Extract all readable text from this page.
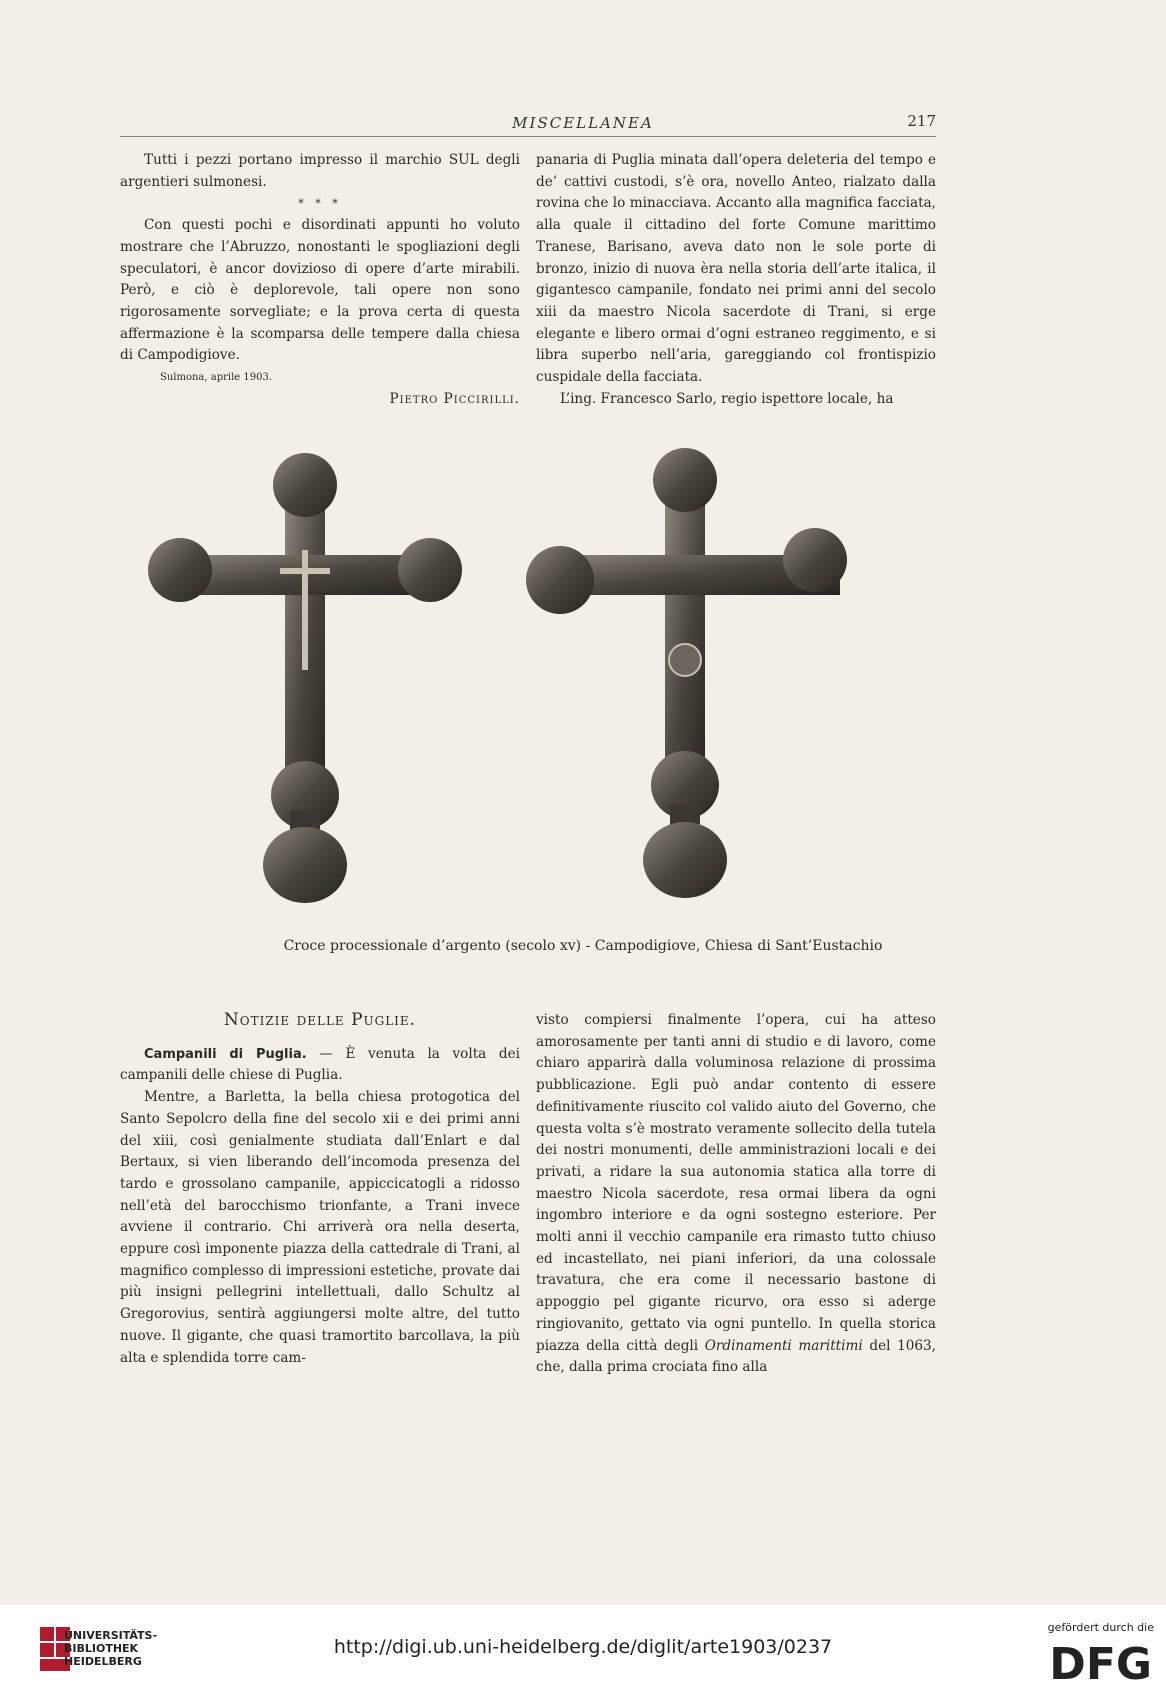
MISCELLANEA	217

Tutti i pezzi portano impresso il marchio SUL degli argentieri sulmonesi.

* * *

Con questi pochi e disordinati appunti ho voluto mostrare che l’Abruzzo, nonostanti le spogliazioni degli speculatori, è ancor dovizioso di opere d’arte mirabili. Però, e ciò è deplorevole, tali opere non sono rigorosamente sorvegliate; e la prova certa di questa affermazione è la scomparsa delle tempere dalla chiesa di Campodigiove.

Sulmona, aprile 1903.

Pietro Piccirilli.

panaria di Puglia minata dall’opera deleteria del tempo e de’ cattivi custodi, s’è ora, novello Anteo, rialzato dalla rovina che lo minacciava. Accanto alla magnifica facciata, alla quale il cittadino del forte Comune marittimo Tranese, Barisano, aveva dato non le sole porte di bronzo, inizio di nuova èra nella storia dell’arte italica, il gigantesco campanile, fondato nei primi anni del secolo xiii da maestro Nicola sacerdote di Trani, si erge elegante e libero ormai d’ogni estraneo reggimento, e si libra superbo nell’aria, gareggiando col frontispizio cuspidale della facciata.

L’ing. Francesco Sarlo, regio ispettore locale, ha

Croce processionale d’argento (secolo xv) - Campodigiove, Chiesa di Sant’Eustachio

Notizie delle Puglie.

Campanili di Puglia. — È venuta la volta dei campanili delle chiese di Puglia.

Mentre, a Barletta, la bella chiesa protogotica del Santo Sepolcro della fine del secolo xii e dei primi anni del xiii, così genialmente studiata dall’Enlart e dal Bertaux, si vien liberando dell’incomoda presenza del tardo e grossolano campanile, appiccicatogli a ridosso nell’età del barocchismo trionfante, a Trani invece avviene il contrario. Chi arriverà ora nella deserta, eppure così imponente piazza della cattedrale di Trani, al magnifico complesso di impressioni estetiche, provate dai più insigni pellegrini intellettuali, dallo Schultz al Gregorovius, sentirà aggiungersi molte altre, del tutto nuove. Il gigante, che quasi tramortito barcollava, la più alta e splendida torre cam-

visto compiersi finalmente l’opera, cui ha atteso amorosamente per tanti anni di studio e di lavoro, come chiaro apparirà dalla voluminosa relazione di prossima pubblicazione. Egli può andar contento di essere definitivamente riuscito col valido aiuto del Governo, che questa volta s’è mostrato veramente sollecito della tutela dei nostri monumenti, delle amministrazioni locali e dei privati, a ridare la sua autonomia statica alla torre di maestro Nicola sacerdote, resa ormai libera da ogni ingombro interiore e da ogni sostegno esteriore. Per molti anni il vecchio campanile era rimasto tutto chiuso ed incastellato, nei piani inferiori, da una colossale travatura, che era come il necessario bastone di appoggio pel gigante ricurvo, ora esso si aderge ringiovanito, gettato via ogni puntello. In quella storica piazza della città degli Ordinamenti marittimi del 1063, che, dalla prima crociata fino alla

UNIVERSITÄTS-
BIBLIOTHEK
HEIDELBERG
http://digi.ub.uni-heidelberg.de/diglit/arte1903/0237
gefördert durch die
DFG
